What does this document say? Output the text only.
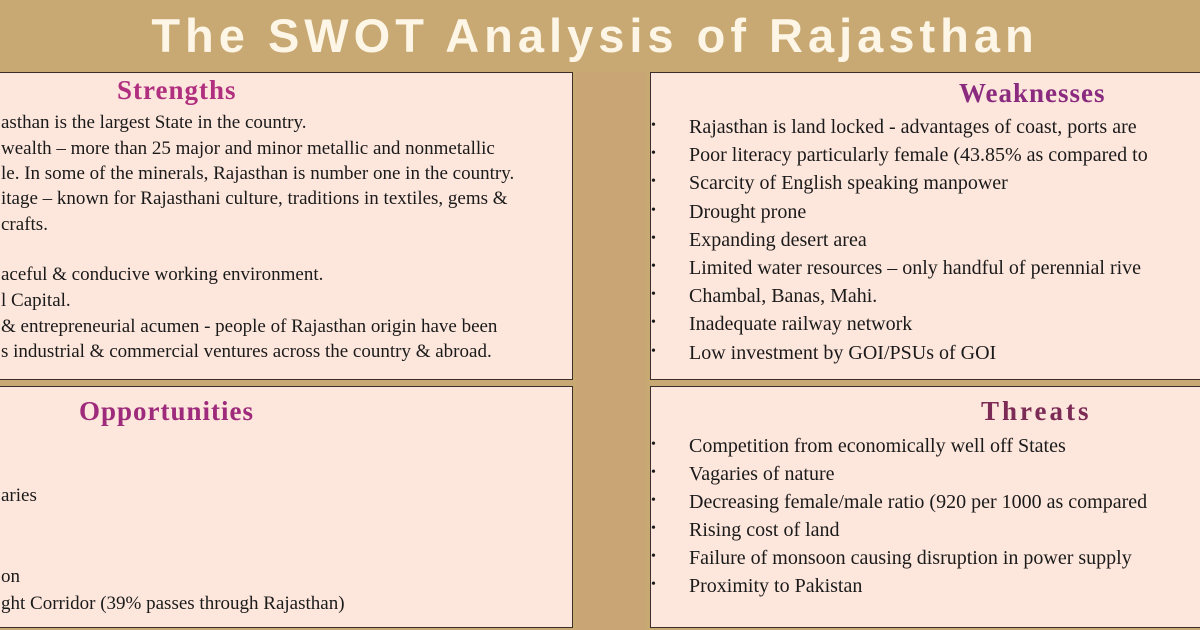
The SWOT Analysis of Rajasthan
Strengths
asthan is the largest State in the country.
wealth – more than 25 major and minor metallic and nonmetallic
le. In some of the minerals, Rajasthan is number one in the country.
itage – known for Rajasthani culture, traditions in textiles, gems &
crafts.
aceful & conducive working environment.
l Capital.
& entrepreneurial acumen - people of Rajasthan origin have been
s industrial & commercial ventures across the country & abroad.
Opportunities
aries
on
ght Corridor (39% passes through Rajasthan)
Weaknesses
• Rajasthan is land locked - advantages of coast, ports are
• Poor literacy particularly female (43.85% as compared to
• Scarcity of English speaking manpower
• Drought prone
• Expanding desert area
• Limited water resources – only handful of perennial rive
• Chambal, Banas, Mahi.
• Inadequate railway network
• Low investment by GOI/PSUs of GOI
Threats
• Competition from economically well off States
• Vagaries of nature
• Decreasing female/male ratio (920 per 1000 as compared
• Rising cost of land
• Failure of monsoon causing disruption in power supply
• Proximity to Pakistan
